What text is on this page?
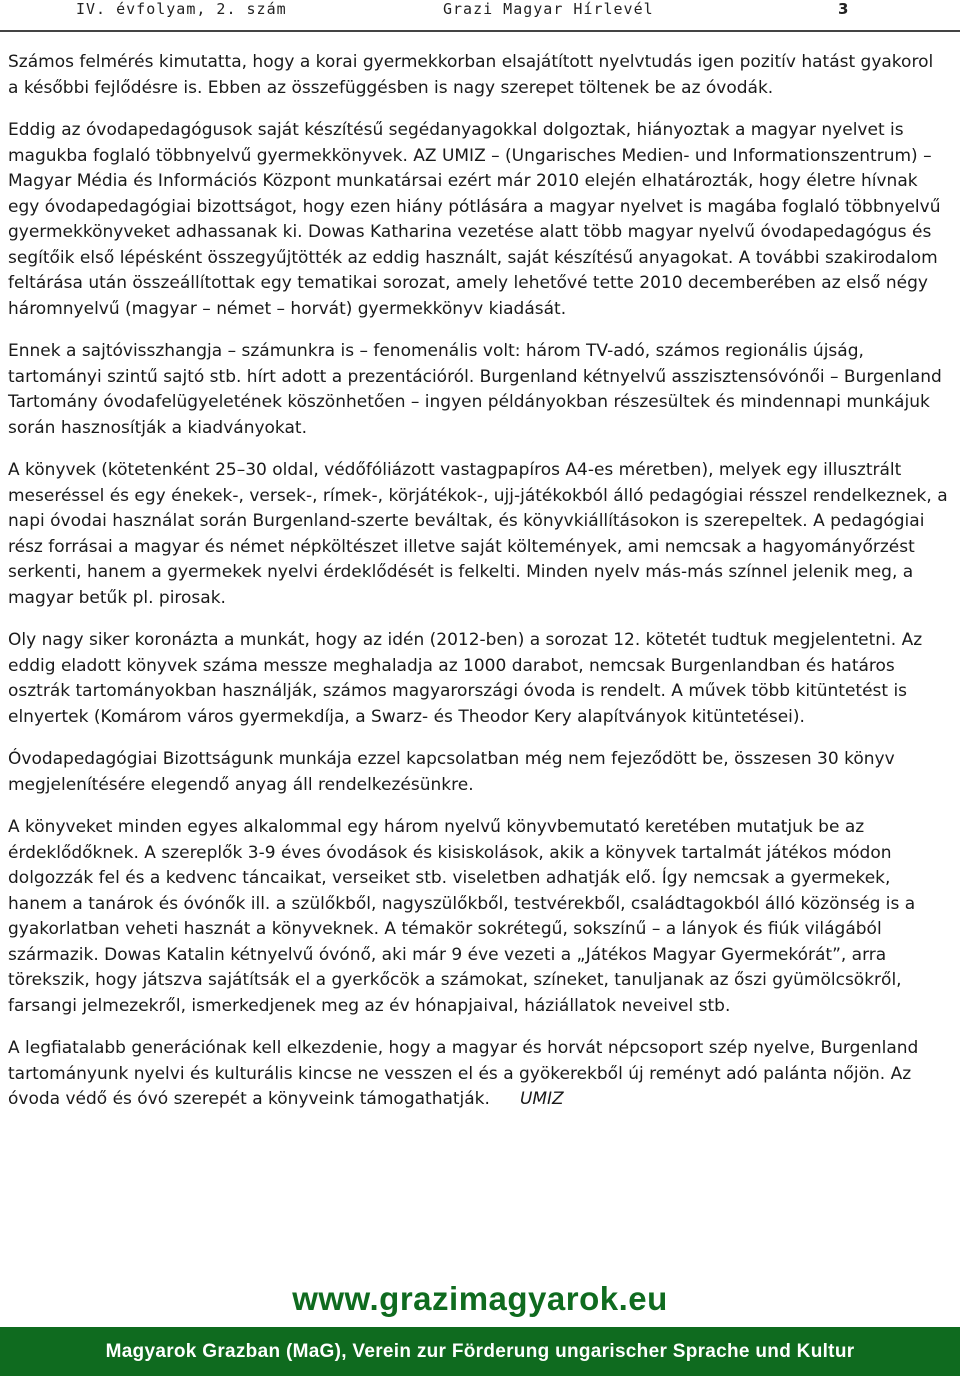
IV. évfolyam, 2. szám	Grazi Magyar Hírlevél	3

Számos felmérés kimutatta, hogy a korai gyermekkorban elsajátított nyelvtudás igen pozitív hatást gyakorol a későbbi fejlődésre is. Ebben az összefüggésben is nagy szerepet töltenek be az óvodák.

Eddig az óvodapedagógusok saját készítésű segédanyagokkal dolgoztak, hiányoztak a magyar nyelvet is magukba foglaló többnyelvű gyermekkönyvek. AZ UMIZ – (Ungarisches Medien- und Informationszentrum) – Magyar Média és Információs Központ munkatársai ezért már 2010 elején elhatározták, hogy életre hívnak egy óvodapedagógiai bizottságot, hogy ezen hiány pótlására a magyar nyelvet is magába foglaló többnyelvű gyermekkönyveket adhassanak ki. Dowas Katharina vezetése alatt több magyar nyelvű óvodapedagógus és segítőik első lépésként összegyűjtötték az eddig használt, saját készítésű anyagokat. A további szakirodalom feltárása után összeállítottak egy tematikai sorozat, amely lehetővé tette 2010 decemberében az első négy háromnyelvű (magyar – német – horvát) gyermekkönyv kiadását.

Ennek a sajtóvisszhangja – számunkra is – fenomenális volt: három TV-adó, számos regionális újság, tartományi szintű sajtó stb. hírt adott a prezentációról. Burgenland kétnyelvű asszisztensóvónői – Burgenland Tartomány óvodafelügyeletének köszönhetően – ingyen példányokban részesültek és mindennapi munkájuk során hasznosítják a kiadványokat.

A könyvek (kötetenként 25–30 oldal, védőfóliázott vastagpapíros A4-es méretben), melyek egy illusztrált meseréssel és egy énekek-, versek-, rímek-, körjátékok-, ujj-játékokból álló pedagógiai résszel rendelkeznek, a napi óvodai használat során Burgenland-szerte beváltak, és könyvkiállításokon is szerepeltek. A pedagógiai rész forrásai a magyar és német népköltészet illetve saját költemények, ami nemcsak a hagyományőrzést serkenti, hanem a gyermekek nyelvi érdeklődését is felkelti. Minden nyelv más-más színnel jelenik meg, a magyar betűk pl. pirosak.

Oly nagy siker koronázta a munkát, hogy az idén (2012-ben) a sorozat 12. kötetét tudtuk megjelentetni. Az eddig eladott könyvek száma messze meghaladja az 1000 darabot, nemcsak Burgenlandban és határos osztrák tartományokban használják, számos magyarországi óvoda is rendelt. A művek több kitüntetést is elnyertek (Komárom város gyermekdíja, a Swarz- és Theodor Kery alapítványok kitüntetései).

Óvodapedagógiai Bizottságunk munkája ezzel kapcsolatban még nem fejeződött be, összesen 30 könyv megjelenítésére elegendő anyag áll rendelkezésünkre.

A könyveket minden egyes alkalommal egy három nyelvű könyvbemutató keretében mutatjuk be az érdeklődőknek. A szereplők 3-9 éves óvodások és kisiskolások, akik a könyvek tartalmát játékos módon dolgozzák fel és a kedvenc táncaikat, verseiket stb. viseletben adhatják elő. Így nemcsak a gyermekek, hanem a tanárok és óvónők ill. a szülőkből, nagyszülőkből, testvérekből, családtagokból álló közönség is a gyakorlatban veheti hasznát a könyveknek. A témakör sokrétegű, sokszínű – a lányok és fiúk világából származik. Dowas Katalin kétnyelvű óvónő, aki már 9 éve vezeti a „Játékos Magyar Gyermekórát”, arra törekszik, hogy játszva sajátítsák el a gyerkőcök a számokat, színeket, tanuljanak az őszi gyümölcsökről, farsangi jelmezekről, ismerkedjenek meg az év hónapjaival, háziállatok neveivel stb.

A legfiatalabb generációnak kell elkezdenie, hogy a magyar és horvát népcsoport szép nyelve, Burgenland tartományunk nyelvi és kulturális kincse ne vesszen el és a gyökerekből új reményt adó palánta nőjön. Az óvoda védő és óvó szerepét a könyveink támogathatják. UMIZ

www.grazimagyarok.eu
Magyarok Grazban (MaG), Verein zur Förderung ungarischer Sprache und Kultur
